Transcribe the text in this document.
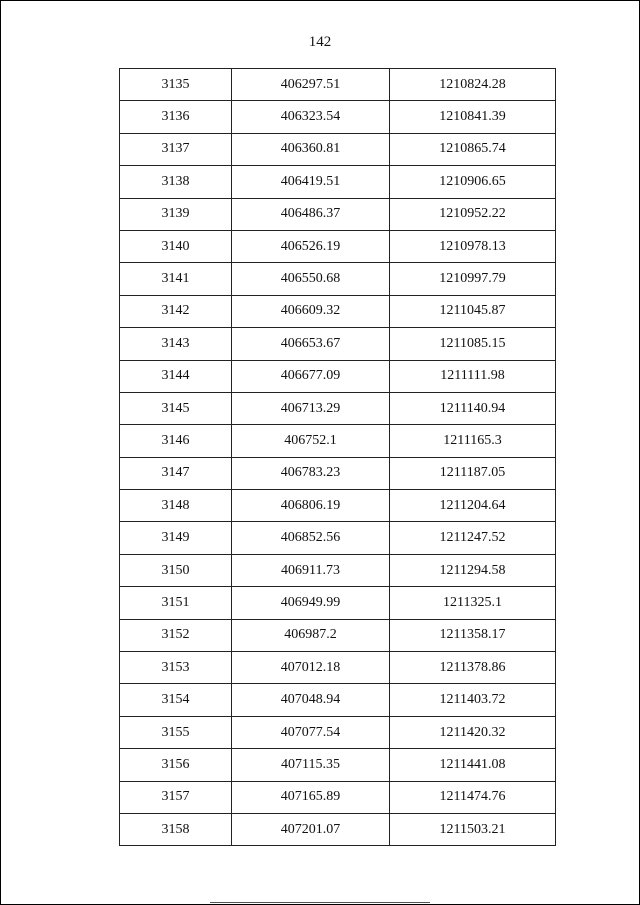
142
3135	406297.51	1210824.28
3136	406323.54	1210841.39
3137	406360.81	1210865.74
3138	406419.51	1210906.65
3139	406486.37	1210952.22
3140	406526.19	1210978.13
3141	406550.68	1210997.79
3142	406609.32	1211045.87
3143	406653.67	1211085.15
3144	406677.09	1211111.98
3145	406713.29	1211140.94
3146	406752.1	1211165.3
3147	406783.23	1211187.05
3148	406806.19	1211204.64
3149	406852.56	1211247.52
3150	406911.73	1211294.58
3151	406949.99	1211325.1
3152	406987.2	1211358.17
3153	407012.18	1211378.86
3154	407048.94	1211403.72
3155	407077.54	1211420.32
3156	407115.35	1211441.08
3157	407165.89	1211474.76
3158	407201.07	1211503.21
